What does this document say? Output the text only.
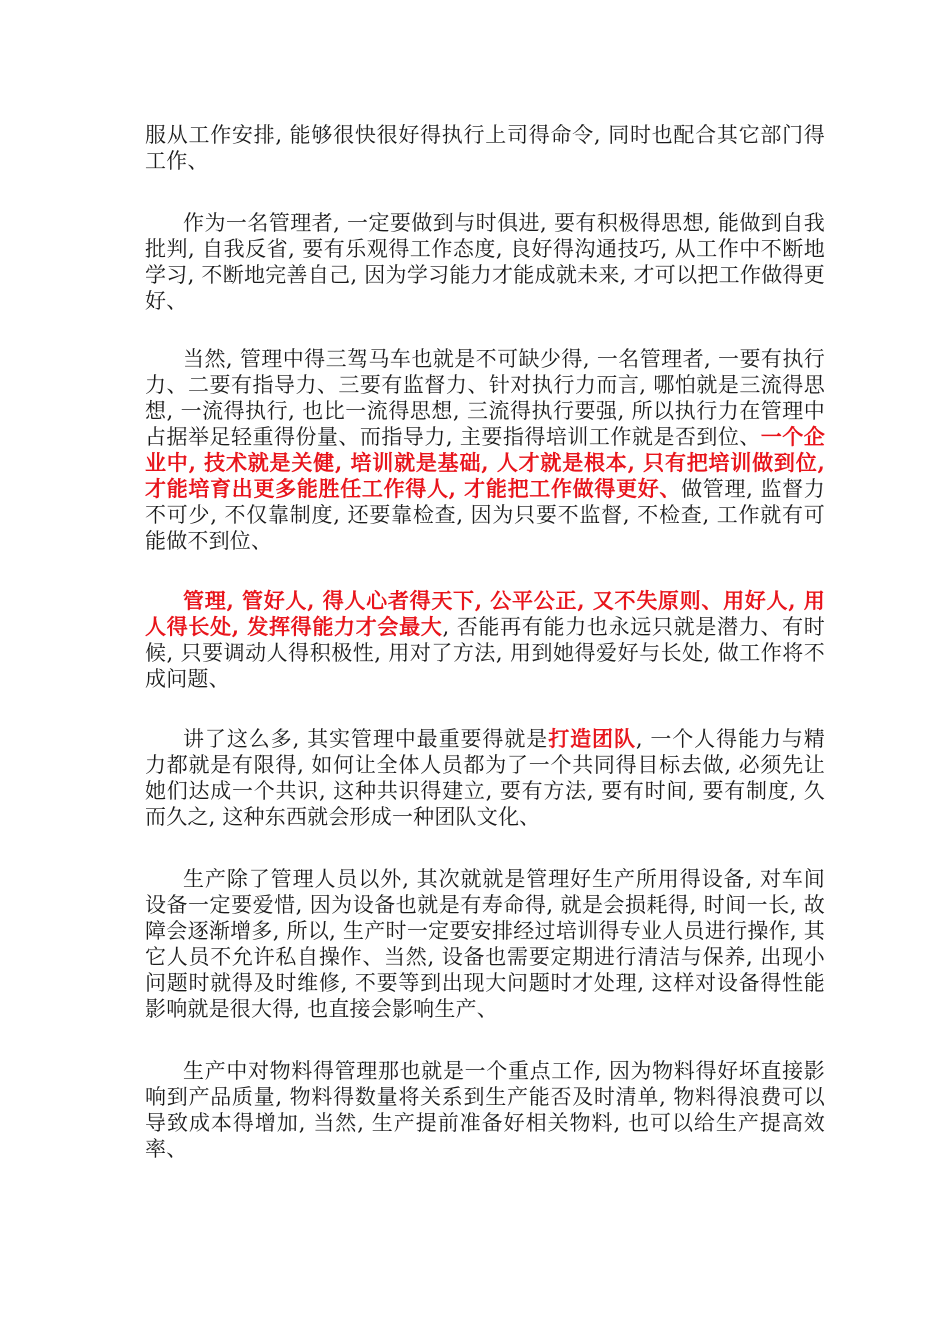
服从工作安排, 能够很快很好得执行上司得命令, 同时也配合其它部门得工作、

作为一名管理者, 一定要做到与时俱进, 要有积极得思想, 能做到自我批判, 自我反省, 要有乐观得工作态度, 良好得沟通技巧, 从工作中不断地学习, 不断地完善自己, 因为学习能力才能成就未来, 才可以把工作做得更好、

当然, 管理中得三驾马车也就是不可缺少得, 一名管理者, 一要有执行力、二要有指导力、三要有监督力、针对执行力而言, 哪怕就是三流得思想, 一流得执行, 也比一流得思想, 三流得执行要强, 所以执行力在管理中占据举足轻重得份量、而指导力, 主要指得培训工作就是否到位、一个企业中, 技术就是关健, 培训就是基础, 人才就是根本, 只有把培训做到位, 才能培育出更多能胜任工作得人, 才能把工作做得更好、做管理, 监督力不可少, 不仅靠制度, 还要靠检查, 因为只要不监督, 不检查, 工作就有可能做不到位、

管理, 管好人, 得人心者得天下, 公平公正, 又不失原则、用好人, 用人得长处, 发挥得能力才会最大, 否能再有能力也永远只就是潜力、有时候, 只要调动人得积极性, 用对了方法, 用到她得爱好与长处, 做工作将不成问题、

讲了这么多, 其实管理中最重要得就是打造团队, 一个人得能力与精力都就是有限得, 如何让全体人员都为了一个共同得目标去做, 必须先让她们达成一个共识, 这种共识得建立, 要有方法, 要有时间, 要有制度, 久而久之, 这种东西就会形成一种团队文化、

生产除了管理人员以外, 其次就就是管理好生产所用得设备, 对车间设备一定要爱惜, 因为设备也就是有寿命得, 就是会损耗得, 时间一长, 故障会逐渐增多, 所以, 生产时一定要安排经过培训得专业人员进行操作, 其它人员不允许私自操作、当然, 设备也需要定期进行清洁与保养, 出现小问题时就得及时维修, 不要等到出现大问题时才处理, 这样对设备得性能影响就是很大得, 也直接会影响生产、

生产中对物料得管理那也就是一个重点工作, 因为物料得好坏直接影响到产品质量, 物料得数量将关系到生产能否及时清单, 物料得浪费可以导致成本得增加, 当然, 生产提前准备好相关物料, 也可以给生产提高效率、
